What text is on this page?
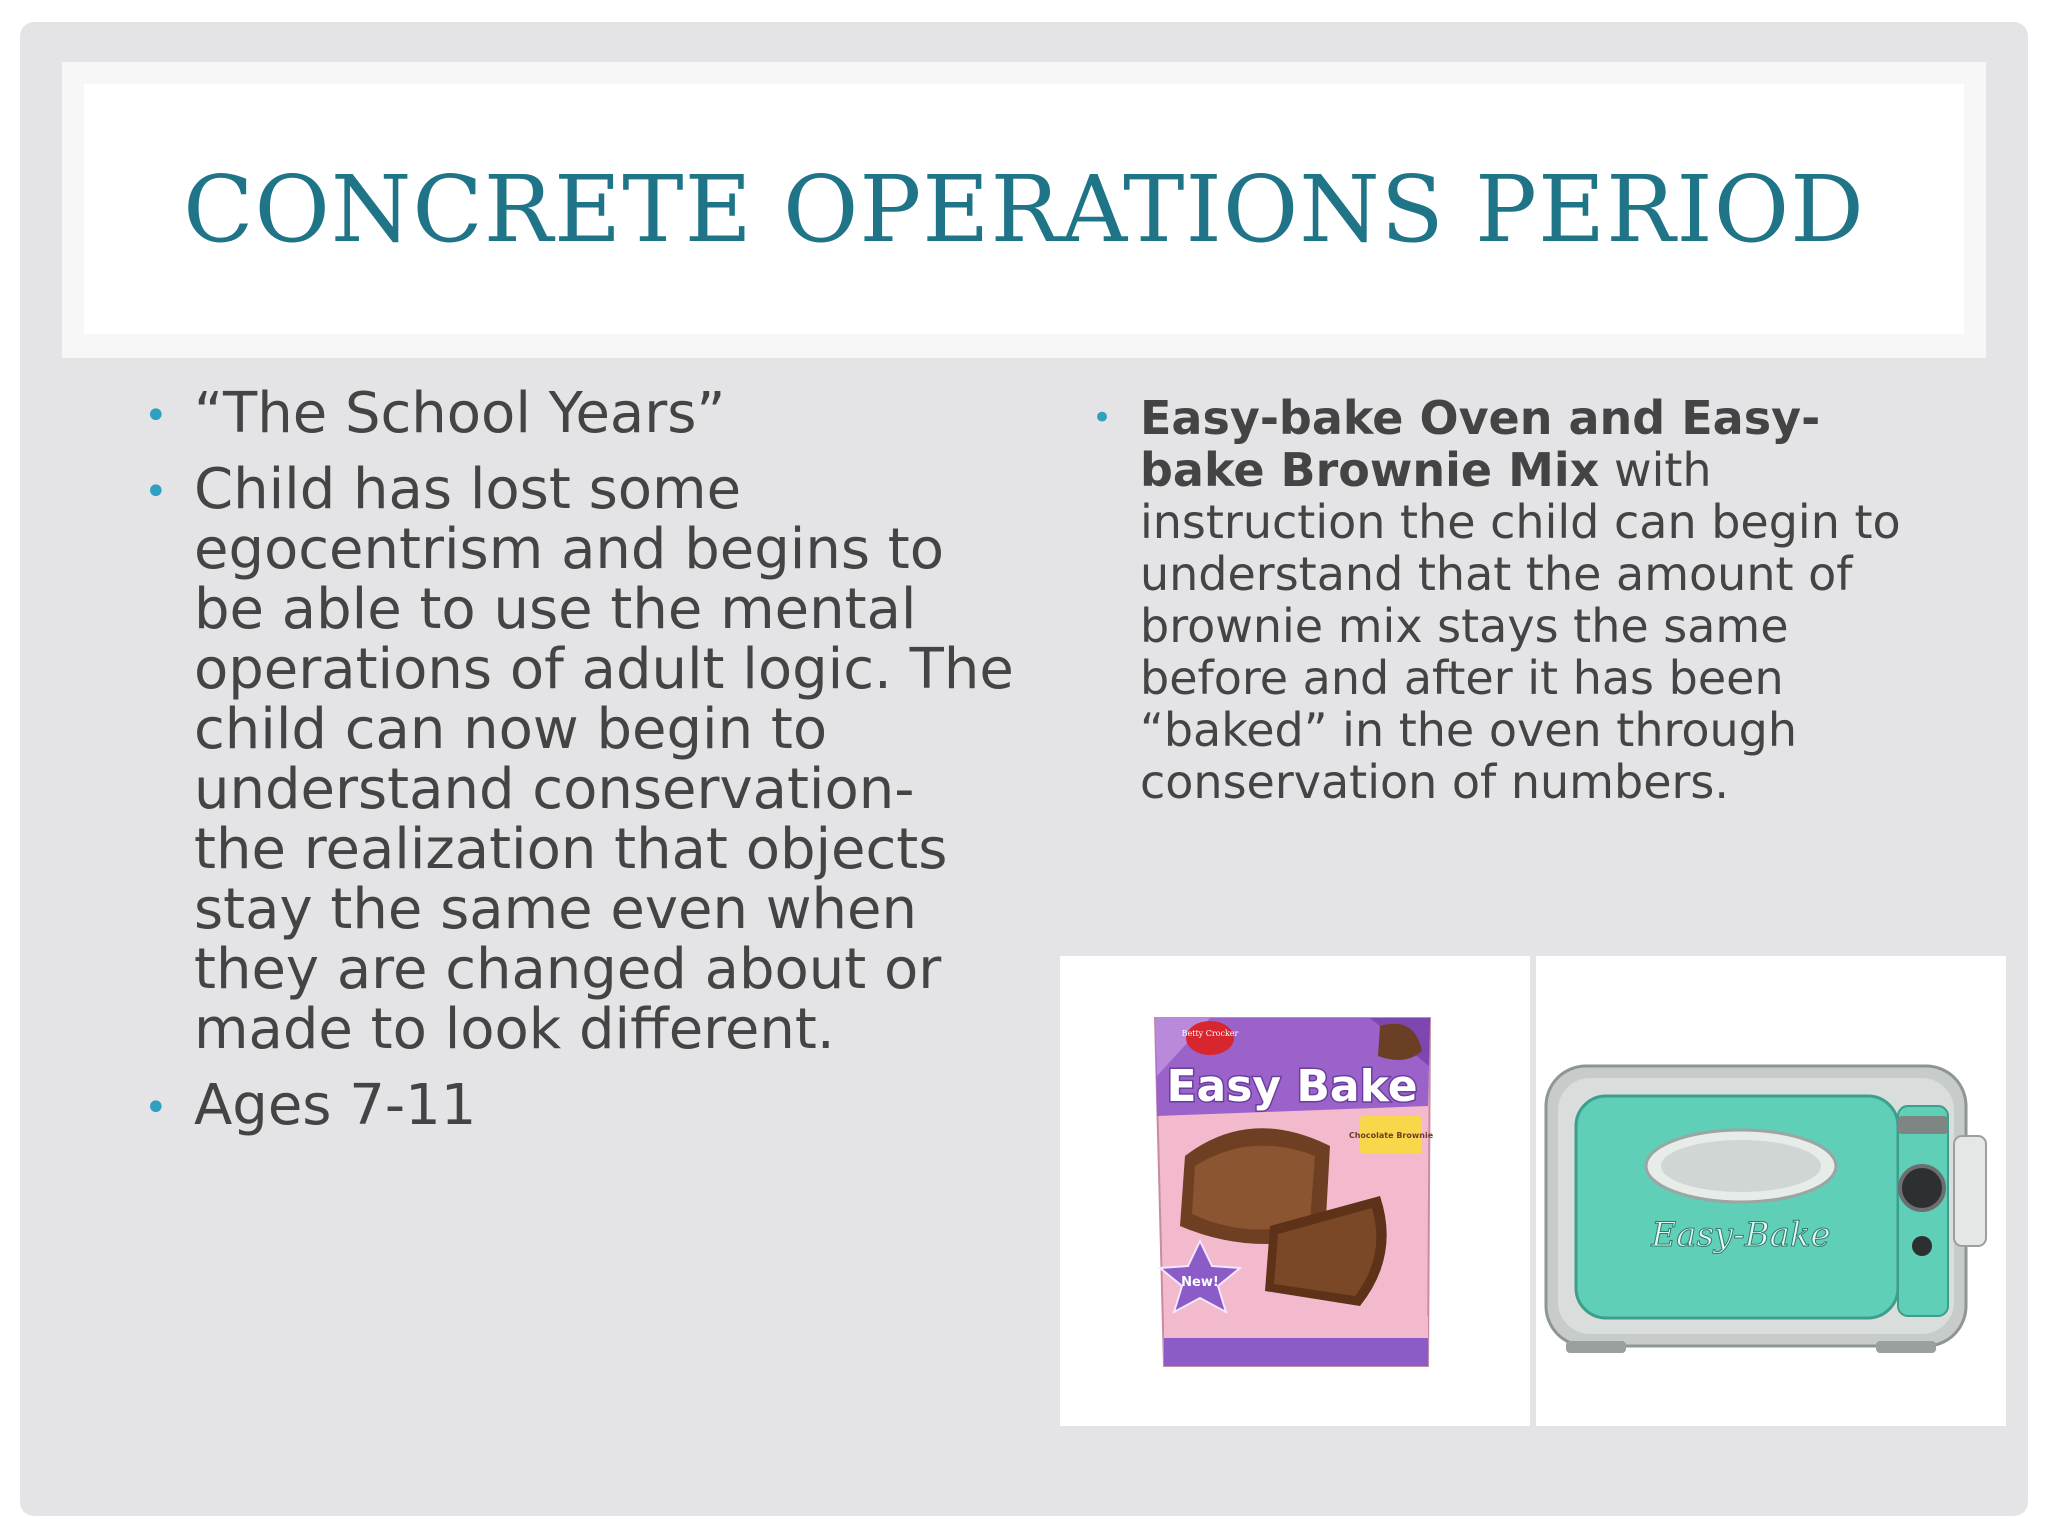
CONCRETE OPERATIONS PERIOD
• “The School Years”
• Child has lost some egocentrism and begins to be able to use the mental operations of adult logic. The child can now begin to understand conservation- the realization that objects stay the same even when they are changed about or made to look different.
• Ages 7-11
• Easy-bake Oven and Easy-bake Brownie Mix with instruction the child can begin to understand that the amount of brownie mix stays the same before and after it has been “baked” in the oven through conservation of numbers.
Betty Crocker
Easy Bake
Chocolate Brownie
New!
Easy-Bake
